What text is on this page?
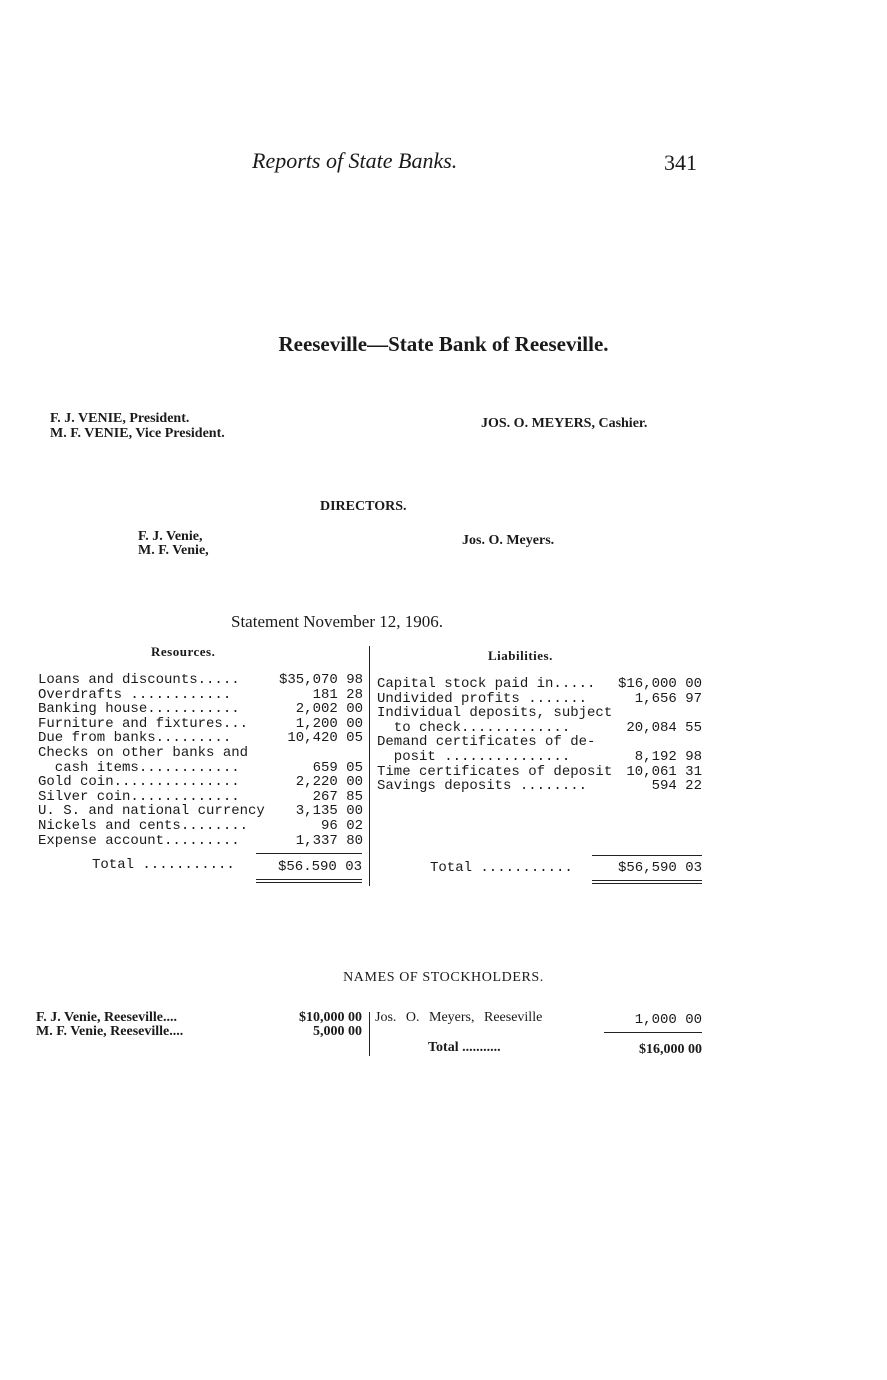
Reports of State Banks.	341
Reeseville—State Bank of Reeseville.
F. J. VENIE, President.
M. F. VENIE, Vice President.
JOS. O. MEYERS, Cashier.
DIRECTORS.
F. J. Venie,
M. F. Venie,
Jos. O. Meyers.
Statement November 12, 1906.
Resources.	Liabilities.
Loans and discounts.....	$35,070 98
Overdrafts ............	181 28
Banking house...........	2,002 00
Furniture and fixtures...	1,200 00
Due from banks.........	10,420 05
Checks on other banks and
cash items............	659 05
Gold coin...............	2,220 00
Silver coin.............	267 85
U. S. and national currency 3,135 00
Nickels and cents........	96 02
Expense account.........	1,337 80
Capital stock paid in..... $16,000 00
Undivided profits .......	1,656 97
Individual deposits, subject
to check.............	20,084 55
Demand certificates of de-
posit ...............	8,192 98
Time certificates of deposit 10,061 31
Savings deposits ........	594 22
Total ...........	$56.590 03	Total ...........	$56,590 03
NAMES OF STOCKHOLDERS.
F. J. Venie, Reeseville....	$10,000 00
M. F. Venie, Reeseville....	5,000 00
Jos. O. Meyers, Reeseville	1,000 00
Total ...........	$16,000 00
